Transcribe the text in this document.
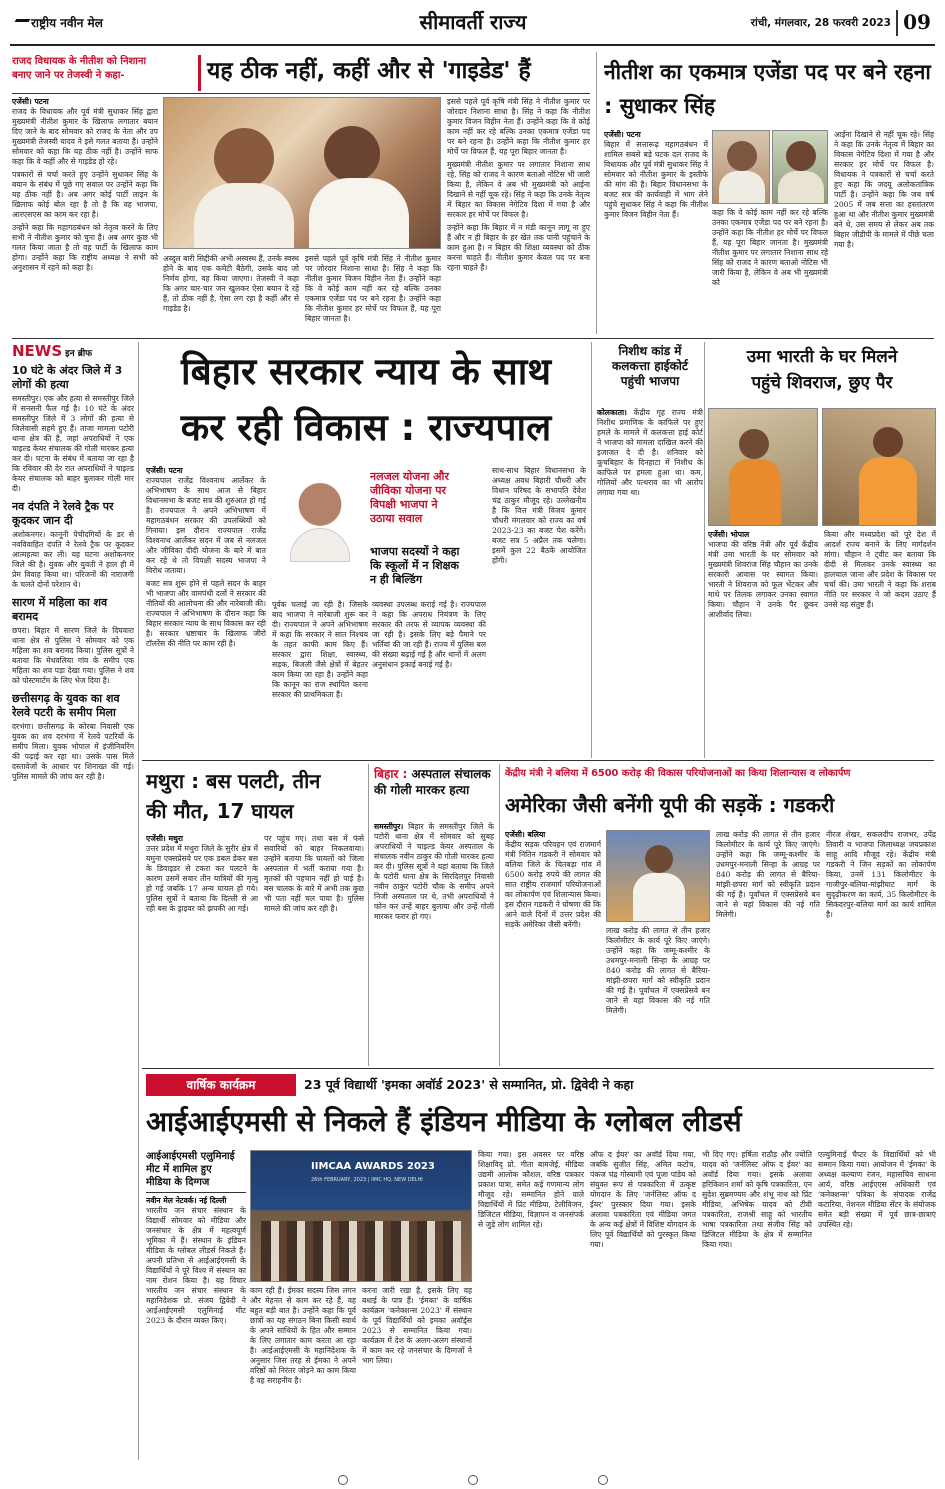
राष्ट्रीय नवीन मेल	सीमावर्ती राज्य	रांची, मंगलवार, 28 फरवरी 2023 09
राजद विधायक के नीतीश को निशाना
बनाए जाने पर तेजस्वी ने कहा-	यह ठीक नहीं, कहीं और से 'गाइडेड' हैं
एजेंसी। पटना

राजद के विधायक और पूर्व मंत्री सुधाकर सिंह द्वारा मुख्यमंत्री नीतीश कुमार के खिलाफ लगातार बयान दिए जाने के बाद सोमवार को राजद के नेता और उप मुख्यमंत्री तेजस्वी यादव ने इसे गलत बताया है। उन्होंने सोमवार को कहा कि यह ठीक नहीं है। उन्होंने साफ कहा कि वे कहीं और से गाइडेड हो रहे।

पत्रकारों से चर्चा करते हुए उन्होंने सुधाकर सिंह के बयान के संबंध में पूछे गए सवाल पर उन्होंने कहा कि यह ठीक नहीं है। अब अगर कोई पार्टी लाइन के खिलाफ कोई बोल रहा है तो है कि वह भाजपा, आरएसएस का काम कर रहा है।

उन्होंने कहा कि महागठबंधन को नेतृत्व करने के लिए सभी ने नीतीश कुमार को चुना है। अब अगर कुछ भी गलत किया जाता है तो वह पार्टी के खिलाफ काम होगा। उन्होंने कहा कि राष्ट्रीय अध्यक्ष ने सभी को अनुशासन में रहने को कहा है।

अब्दुल बारी सिद्दीकी अभी अस्वस्थ हैं, उनके स्वस्थ होने के बाद एक कमेटी बैठेगी, उसके बाद जो निर्णय होगा, वह किया जाएगा। तेजस्वी ने कहा कि अगर चार-चार जन खुलकर ऐसा बयान दे रहे हैं, तो ठीक नहीं है, ऐसा लग रहा है कहीं और से गाइडेड है।

इससे पहले पूर्व कृषि मंत्री सिंह ने नीतीश कुमार पर जोरदार निशाना साधा है। सिंह ने कहा कि नीतीश कुमार विजन विहीन नेता हैं। उन्होंने कहा कि वे कोई काम नहीं कर रहे बल्कि उनका एकमात्र एजेंडा पद पर बने रहना है। उन्होंने कहा कि नीतीश कुमार हर मोर्चे पर विफल हैं, यह पूरा बिहार जानता है।

इससे पहले पूर्व कृषि मंत्री सिंह ने नीतीश कुमार पर जोरदार निशाना साधा है। सिंह ने कहा कि नीतीश कुमार विजन विहीन नेता हैं। उन्होंने कहा कि वे कोई काम नहीं कर रहे बल्कि उनका एकमात्र एजेंडा पद पर बने रहना है। उन्होंने कहा कि नीतीश कुमार हर मोर्चे पर विफल हैं, यह पूरा बिहार जानता है।

मुख्यमंत्री नीतीश कुमार पर लगातार निशाना साध रहे, सिंह को राजद ने कारण बताओ नोटिस भी जारी किया है, लेकिन वे अब भी मुख्यमंत्री को आईना दिखाने से नहीं चूक रहे। सिंह ने कहा कि उनके नेतृत्व में बिहार का विकास नेगेटिव दिशा में गया है और सरकार हर मोर्चे पर विफल है।

उन्होंने कहा कि बिहार में न मंडी कानून लागू ना हुए हैं और न ही बिहार के हर खेत तक पानी पहुंचाने के काम हुआ है। न बिहार की शिक्षा व्यवस्था को ठीक करना चाहते हैं। नीतीश कुमार केवल पद पर बना रहना चाहते हैं।

नीतीश का एकमात्र एजेंडा पद पर बने रहना : सुधाकर सिंह
एजेंसी। पटना

बिहार में सत्तारूढ़ महागठबंधन में शामिल सबसे बड़े घटक दल राजद के विधायक और पूर्व मंत्री सुधाकर सिंह ने सोमवार को नीतीश कुमार के इस्तीफे की मांग की है। बिहार विधानसभा के बजट सत्र की कार्यवाही में भाग लेने पहुंचे सुधाकर सिंह ने कहा कि नीतीश कुमार विजन विहीन नेता हैं।	कहा कि वे कोई काम नहीं कर रहे बल्कि उनका एकमात्र एजेंडा पद पर बने रहना है। उन्होंने कहा कि नीतीश हर मोर्चे पर विफल हैं, यह पूरा बिहार जानता है। मुख्यमंत्री नीतीश कुमार पर लगातार निशाना साध रहे सिंह को राजद ने कारण बताओ नोटिस भी जारी किया है, लेकिन वे अब भी मुख्यमंत्री को

आईना दिखाने से नहीं चूक रहे। सिंह ने कहा कि उनके नेतृत्व में बिहार का विकास नेगेटिव दिशा में गया है और सरकार हर मोर्चे पर विफल है। विधायक ने पत्रकारों से चर्चा करते हुए कहा कि जदयू अलोकतांत्रिक पार्टी है। उन्होंने कहा कि जब वर्ष 2005 में जब सत्ता का हस्तांतरण हुआ था और नीतीश कुमार मुख्यमंत्री बने थे, उस समय से लेकर अब तक बिहार जीडीपी के मामले में पीछे चला गया है।

NEWS इन ब्रीफ
10 घंटे के अंदर जिले में 3 लोगों की हत्या
समस्तीपुर। एक और हत्या से समस्तीपुर जिले में सनसनी फैल गई है। 10 घंटे के अंदर समस्तीपुर जिले में 3 लोगों की हत्या से जिलेवासी सहमे हुए हैं। ताजा मामला पटोरी थाना क्षेत्र की है, जहां अपराधियों ने एक चाइल्ड केयर संचालक की गोली मारकर हत्या कर दी। घटना के संबंध में बताया जा रहा है कि रविवार की देर रात अपराधियों ने चाइल्ड केयर संचालक को बाहर बुलाकर गोली मार दी।
नव दंपति ने रेलवे ट्रैक पर कूदकर जान दी
अशोकनगर। कानूनी पेचीदगियों के डर से नवविवाहित दंपति ने रेलवे ट्रैक पर कूदकर आत्महत्या कर ली। यह घटना अशोकनगर जिले की है। युवक और युवती ने हाल ही में प्रेम विवाह किया था। परिजनों की नाराजगी के चलते दोनों परेशान थे।
सारण में महिला का शव बरामद
छपरा। बिहार में सारण जिले के दिघवारा थाना क्षेत्र से पुलिस ने सोमवार को एक महिला का शव बरामद किया। पुलिस सूत्रों ने बताया कि मेथवलिया गांव के समीप एक महिला का शव पड़ा देखा गया। पुलिस ने शव को पोस्टमार्टम के लिए भेज दिया है।
छत्तीसगढ़ के युवक का शव रेलवे पटरी के समीप मिला
दरभंगा। छत्तीसगढ़ के कोरबा निवासी एक युवक का शव दरभंगा में रेलवे पटरियों के समीप मिला। युवक भोपाल में इंजीनियरिंग की पढ़ाई कर रहा था। उसके पास मिले दस्तावेजों के आधार पर शिनाख्त की गई। पुलिस मामले की जांच कर रही है।
बिहार सरकार न्याय के साथ
कर रही विकास : राज्यपाल
एजेंसी। पटना

राज्यपाल राजेंद्र विश्वनाथ आर्लेकर के अभिभाषण के साथ आज से बिहार विधानसभा के बजट सत्र की शुरुआत हो गई है। राज्यपाल ने अपने अभिभाषण में महागठबंधन सरकार की उपलब्धियों को गिनाया। इस दौरान राज्यपाल राजेंद्र विश्वनाथ आर्लेकर सदन में जब से नलजल और जीविका दीदी योजना के बारे में बात कर रहे थे तो विपक्षी सदस्य भाजपा ने विरोध जताया।

बजट सत्र शुरू होने से पहले सदन के बाहर भी भाजपा और वामपंथी दलों ने सरकार की नीतियों की आलोचना की और नारेबाजी की। राज्यपाल ने अभिभाषण के दौरान कहा कि बिहार सरकार न्याय के साथ विकास कर रही है। सरकार भ्रष्टाचार के खिलाफ जीरो टॉलरेंस की नीति पर काम रही है।

नलजल योजना और
जीविका योजना पर
विपक्षी भाजपा ने
उठाया सवाल
भाजपा सदस्यों ने कहा
कि स्कूलों में न शिक्षक
न ही बिल्डिंग

पूर्वक चलाई जा रही है। जिसके बाद भाजपा ने नारेबाजी शुरू कर दी। राज्यपाल ने अपने अभिभाषण में कहा कि सरकार ने सात निश्चय के तहत काफी काम किए हैं। सरकार द्वारा शिक्षा, स्वास्थ्य, सड़क, बिजली जैसे क्षेत्रों में बेहतर काम किया जा रहा है। उन्होंने कहा कि कानून का राज स्थापित करना सरकार की प्राथमिकता है।

व्यवस्था उपलब्ध कराई गई है। राज्यपाल ने कहा कि अपराध नियंत्रण के लिए सरकार की तरफ से व्यापक व्यवस्था की जा रही है। इसके लिए बड़े पैमाने पर भर्तियां की जा रही हैं। राज्य में पुलिस बल की संख्या बढ़ाई गई है और थानों में अलग अनुसंधान इकाई बनाई गई है।

साथ-साथ बिहार विधानसभा के अध्यक्ष अवध बिहारी चौधरी और विधान परिषद के सभापति देवेश चंद्र ठाकुर मौजूद रहे। उल्लेखनीय है कि वित्त मंत्री विजय कुमार चौधरी मंगलवार को राज्य का वर्ष 2023-23 का बजट पेश करेंगे। बजट सत्र 5 अप्रैल तक चलेगा। इसमें कुल 22 बैठकें आयोजित होंगी।

निशीथ कांड में
कलकत्ता हाईकोर्ट
पहुंची भाजपा
कोलकाता। केंद्रीय गृह राज्य मंत्री निशीथ प्रमाणिक के काफिले पर हुए हमले के मामले में कलकत्ता हाई कोर्ट ने भाजपा को मामला दाखिल करने की इजाजत दे दी है। शनिवार को कूचबिहार के दिनहाटा में निशीथ के काफिले पर हमला हुआ था। कम, गोलियों और पत्थराव का भी आरोप लगाया गया था।
उमा भारती के घर मिलने
पहुंचे शिवराज, छुए पैर
एजेंसी। भोपाल

भाजपा की वरिष्ठ नेत्री और पूर्व केंद्रीय मंत्री उमा भारती के घर सोमवार को मुख्यमंत्री शिवराज सिंह चौहान का उनके सरकारी आवास पर स्वागत किया। भारती ने शिवराज को फूल भेंटकर और माथे पर तिलक लगाकर उनका स्वागत किया। चौहान ने उनके पैर छूकर आशीर्वाद लिया।

किया और मध्यप्रदेश को पूरे देश में आदर्श राज्य बनाने के लिए मार्गदर्शन मांगा। चौहान ने ट्वीट कर बताया कि दीदी से मिलकर उनके स्वास्थ्य का हालचाल जाना और प्रदेश के विकास पर चर्चा की। उमा भारती ने कहा कि शराब नीति पर सरकार ने जो कदम उठाए हैं उनसे वह संतुष्ट हैं।

मथुरा : बस पलटी, तीन
की मौत, 17 घायल
एजेंसी। मथुरा

उत्तर प्रदेश में मथुरा जिले के सुरीर क्षेत्र में यमुना एक्सप्रेसवे पर एक डबल डेकर बस के डिवाइडर से टकरा कर पलटने के कारण उसमें सवार तीन यात्रियों की मृत्यु हो गई जबकि 17 अन्य घायल हो गये। पुलिस सूत्रों ने बताया कि दिल्ली से आ रही बस के ड्राइवर को झपकी आ गई।

पर पहुंच गए। तथा बस में फंसे सवारियों को बाहर निकलवाया। उन्होंने बताया कि घायलों को जिला अस्पताल में भर्ती कराया गया है। मृतकों की पहचान नहीं हो पाई है। बस चालक के बारे में अभी तक कुछ भी पता नहीं चल पाया है। पुलिस मामले की जांच कर रही है।

बिहार : अस्पताल संचालक की गोली मारकर हत्या
समस्तीपुर। बिहार के समस्तीपुर जिले के पटोरी थाना क्षेत्र में सोमवार को सुबह अपराधियों ने चाइल्ड केयर अस्पताल के संचालक नवीन ठाकुर की गोली मारकर हत्या कर दी। पुलिस सूत्रों ने यहां बताया कि जिले के पटोरी थाना क्षेत्र के सिरदिलपुर निवासी नवीन ठाकुर पटोरी चौक के समीप अपने निजी अस्पताल पर थे, तभी अपराधियों ने फोन कर उन्हें बाहर बुलाया और उन्हें गोली मारकर फरार हो गए।
केंद्रीय मंत्री ने बलिया में 6500 करोड़ की विकास परियोजनाओं का किया शिलान्यास व लोकार्पण
अमेरिका जैसी बनेंगी यूपी की सड़कें : गडकरी
एजेंसी। बलिया

केंद्रीय सड़क परिवहन एवं राजमार्ग मंत्री नितिन गडकरी ने सोमवार को बलिया जिले के चितबड़ा गांव में 6500 करोड़ रुपये की लागत की सात राष्ट्रीय राजमार्ग परियोजनाओं का लोकार्पण एवं शिलान्यास किया। इस दौरान गडकरी ने घोषणा की कि आने वाले दिनों में उत्तर प्रदेश की सड़कें अमेरिका जैसी बनेंगी।

लाख करोड़ की लागत से तीन हजार किलोमीटर के कार्य पूरे किए जाएंगे। उन्होंने कहा कि जम्मू-कश्मीर के उधमपुर-मनाली सिन्हा के आग्रह पर 840 करोड़ की लागत से बैरिया-मांझी-छपरा मार्ग को स्वीकृति प्रदान की गई है। पूर्वांचल में एक्सप्रेसवे बन जाने से यहां विकास की नई गति मिलेगी।

लाख करोड़ की लागत से तीन हजार किलोमीटर के कार्य पूरे किए जाएंगे। उन्होंने कहा कि जम्मू-कश्मीर के उधमपुर-मनाली सिन्हा के आग्रह पर 840 करोड़ की लागत से बैरिया-मांझी-छपरा मार्ग को स्वीकृति प्रदान की गई है। पूर्वांचल में एक्सप्रेसवे बन जाने से यहां विकास की नई गति मिलेगी।

नीरज शेखर, सकलदीप राजभर, उपेंद्र तिवारी व भाजपा जिलाध्यक्ष जयप्रकाश साहू आदि मौजूद रहे। केंद्रीय मंत्री गडकरी ने जिन सड़कों का लोकार्पण किया, उनमें 131 किलोमीटर के गाजीपुर-बलिया-मांझीघाट मार्ग के सुदृढ़ीकरण का कार्य, 35 किलोमीटर के सिकंदरपुर-बलिया मार्ग का कार्य शामिल है।

वार्षिक कार्यक्रम	23 पूर्व विद्यार्थी 'इमका अवॉर्ड 2023' से सम्मानित, प्रो. द्विवेदी ने कहा
आईआईएमसी से निकले हैं इंडियन मीडिया के ग्लोबल लीडर्स
आईआईएमसी एलुमिनाई
मीट में शामिल हुए
मीडिया के दिग्गज
नवीन मेल नेटवर्क। नई दिल्ली

भारतीय जन संचार संस्थान के विद्यार्थी सोमवार को मीडिया और जनसंचार के क्षेत्र में महत्वपूर्ण भूमिका में हैं। संस्थान के इंडियन मीडिया के ग्लोबल लीडर्स निकले हैं। अपनी प्रतिभा से आईआईएमसी के विद्यार्थियों ने पूरे विश्व में संस्थान का नाम रोशन किया है। यह विचार भारतीय जन संचार संस्थान के महानिदेशक प्रो. संजय द्विवेदी ने आईआईएमसी एलुमिनाई मीट 2023 के दौरान व्यक्त किए।

IIMCAA AWARDS 2023
26th FEBRUARY, 2023 | IIMC HQ, NEW DELHI

काम रही हैं। ईमका सदस्य जिस लगन और मेहनत से काम कर रहे हैं, वह बहुत बड़ी बात है। उन्होंने कहा कि पूर्व छात्रों का यह संगठन बिना किसी स्वार्थ के अपने साथियों के हित और सम्मान के लिए लगातार काम करता आ रहा है। आईआईएमसी के महानिदेशक के अनुसार जिस तरह से ईमका ने अपने वरिष्ठों को निरंतर जोड़ने का काम किया है वह सराहनीय है।

करना जारी रखा है, इसके लिए वह बधाई के पात्र हैं। 'ईमका' के वार्षिक कार्यक्रम 'कनेक्शन्स 2023' में संस्थान के पूर्व विद्यार्थियों को इमका अवॉर्ड्स 2023 से सम्मानित किया गया। कार्यक्रम में देश के अलग-अलग संस्थानों में काम कर रहे जनसंचार के दिग्गजों ने भाग लिया।

किया गया। इस अवसर पर वरिष्ठ शिक्षाविद् प्रो. गीता बामजेई, मीडिया उद्यमी आलोक कौशल, वरिष्ठ पत्रकार प्रकाश पात्रा, समेत कई गणमान्य लोग मौजूद रहे। सम्मानित होने वाले विद्यार्थियों में प्रिंट मीडिया, टेलीविजन, डिजिटल मीडिया, विज्ञापन व जनसंपर्क से जुड़े लोग शामिल रहे।

ऑफ द ईयर' का अवॉर्ड दिया गया, जबकि सुजीत सिंह, अमित कटोच, पंकज चंद्र गोस्वामी एवं पूजा पांडेय को संयुक्त रूप से पत्रकारिता में उत्कृष्ट योगदान के लिए 'जर्नलिस्ट ऑफ द ईयर' पुरस्कार दिया गया। इसके अलावा पत्रकारिता एवं मीडिया जगत के अन्य कई क्षेत्रों में विशिष्ट योगदान के लिए पूर्व विद्यार्थियों को पुरस्कृत किया गया।

भी दिए गए। हर्षिता राठौड़ और ज्योति यादव को 'जर्नलिस्ट ऑफ द ईयर' का अवॉर्ड दिया गया। इसके अलावा हरिकिशन शर्मा को कृषि पत्रकारिता, एन सुदेश सुब्रमण्यम और शंभू नाथ को प्रिंट मीडिया, अभिषेक यादव को टीवी पत्रकारिता, राजश्री साहू को भारतीय भाषा पत्रकारिता तथा संजीव सिंह को डिजिटल मीडिया के क्षेत्र में सम्मानित किया गया।

एल्युमिनाई चैप्टर के विद्यार्थियों को भी सम्मान किया गया। आयोजन में 'ईमका' के अध्यक्ष कल्याण रंजन, महासचिव साधना आर्य, वरिष्ठ आईएएस अधिकारी एवं 'कनेक्शन्स' पत्रिका के संपादक राजेंद्र कटारिया, नेशनल मीडिया सेंटर के संयोजक समेत बड़ी संख्या में पूर्व छात्र-छात्राएं उपस्थित रहे।
